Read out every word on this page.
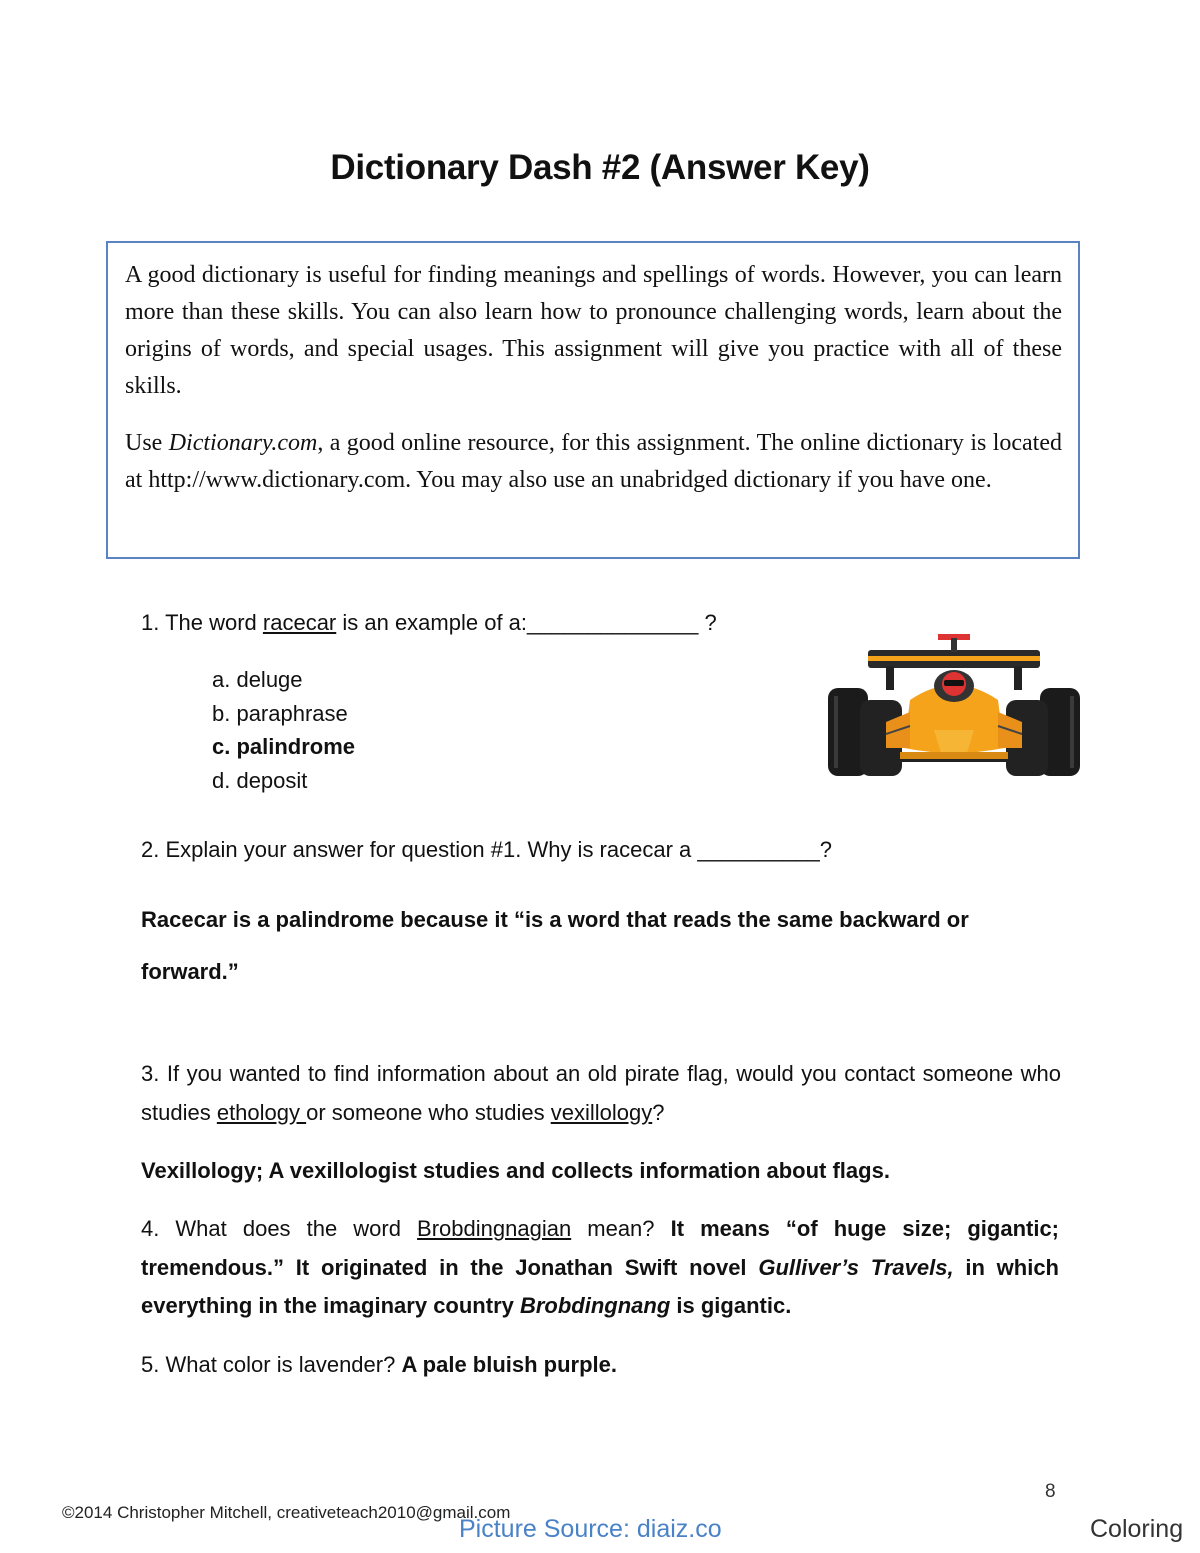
Dictionary Dash #2 (Answer Key)

A good dictionary is useful for finding meanings and spellings of words. However, you can learn more than these skills. You can also learn how to pronounce challenging words, learn about the origins of words, and special usages. This assignment will give you practice with all of these skills.

Use Dictionary.com, a good online resource, for this assignment. The online dictionary is located at http://www.dictionary.com. You may also use an unabridged dictionary if you have one.

1. The word racecar is an example of a:______________ ?
a. deluge
b. paraphrase
c. palindrome
d. deposit
2. Explain your answer for question #1. Why is racecar a __________?
Racecar is a palindrome because it “is a word that reads the same backward or forward.”
3. If you wanted to find information about an old pirate flag, would you contact someone who studies ethology or someone who studies vexillology?
Vexillology; A vexillologist studies and collects information about flags.
4. What does the word Brobdingnagian mean? It means “of huge size; gigantic; tremendous.” It originated in the Jonathan Swift novel Gulliver’s Travels, in which everything in the imaginary country Brobdingnang is gigantic.
5. What color is lavender? A pale bluish purple.
8
©2014 Christopher Mitchell, creativeteach2010@gmail.com
Picture Source: diaiz.co	Coloring
